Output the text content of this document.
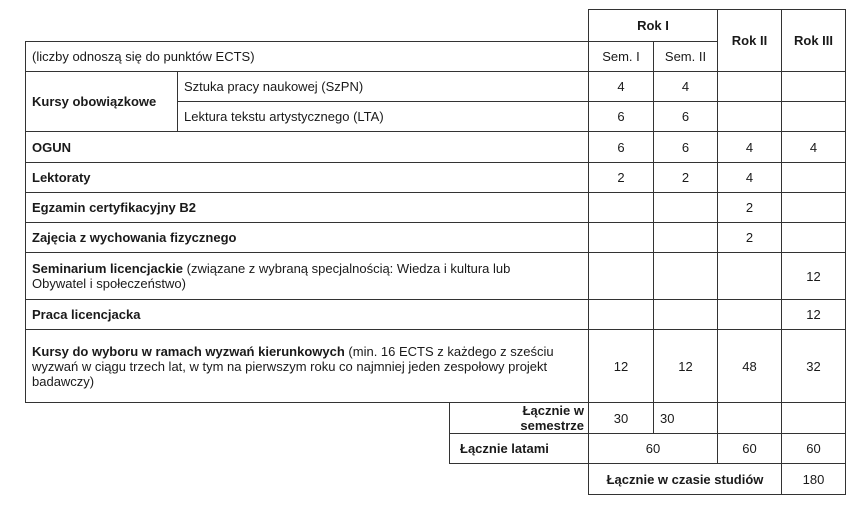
			Rok I		Rok II	Rok III
(liczby odnoszą się do punktów ECTS)			Sem. I	Sem. II		
Kursy obowiązkowe	Sztuka pracy naukowej (SzPN)		4	4		
	Lektura tekstu artystycznego (LTA)		6	6		
OGUN			6	6	4	4
Lektoraty			2	2	4	
Egzamin certyfikacyjny B2					2	
Zajęcia z wychowania fizycznego					2	
Seminarium licencjackie (związane z wybraną specjalnością: Wiedza i kultura lub Obywatel i społeczeństwo)						12
Praca licencjacka						12
Kursy do wyboru w ramach wyzwań kierunkowych (min. 16 ECTS z każdego z sześciu wyzwań w ciągu trzech lat, w tym na pierwszym roku co najmniej jeden zespołowy projekt badawczy)			12	12	48	32
		Łącznie w semestrze	30	30		
		Łącznie latami	60		60	60
			Łącznie w czasie studiów			180
